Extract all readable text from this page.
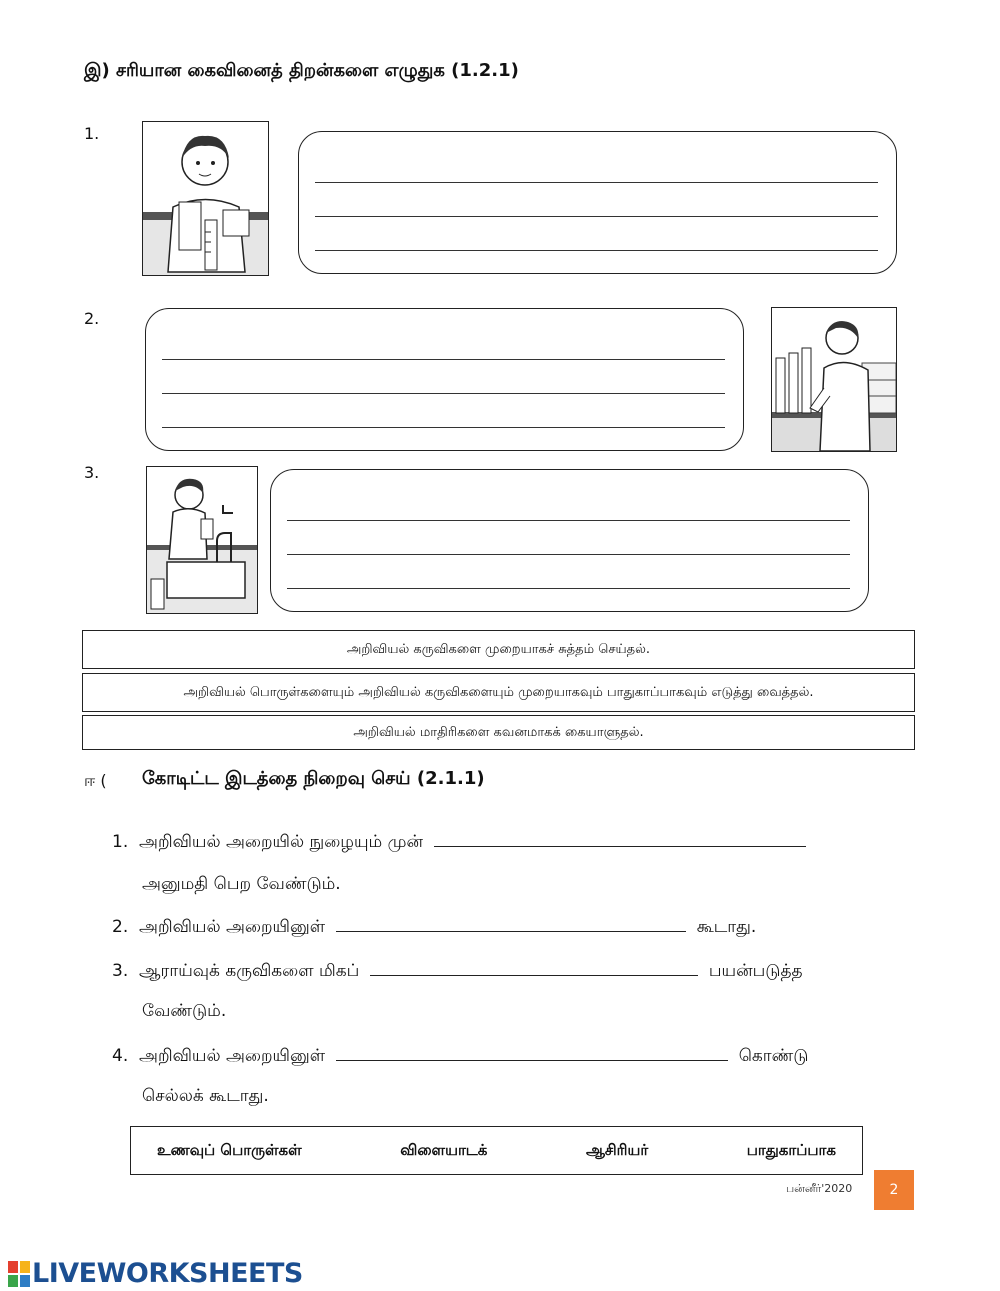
இ) சரியான கைவினைத் திறன்களை எழுதுக (1.2.1)
1.
2.
3.
அறிவியல் கருவிகளை முறையாகச் சுத்தம் செய்தல்.
அறிவியல் பொருள்களையும் அறிவியல் கருவிகளையும் முறையாகவும் பாதுகாப்பாகவும் எடுத்து வைத்தல்.
அறிவியல் மாதிரிகளை கவனமாகக் கையாளுதல்.
ஈ ( கோடிட்ட இடத்தை நிறைவு செய் (2.1.1)
1. அறிவியல் அறையில் நுழையும் முன்
அனுமதி பெற வேண்டும்.
2. அறிவியல் அறையினுள்	கூடாது.
3. ஆராய்வுக் கருவிகளை மிகப்	பயன்படுத்த
வேண்டும்.
4. அறிவியல் அறையினுள்	கொண்டு
செல்லக் கூடாது.
உணவுப் பொருள்கள்	விளையாடக்	ஆசிரியர்	பாதுகாப்பாக
பன்னீர்'2020	2
LIVEWORKSHEETS
